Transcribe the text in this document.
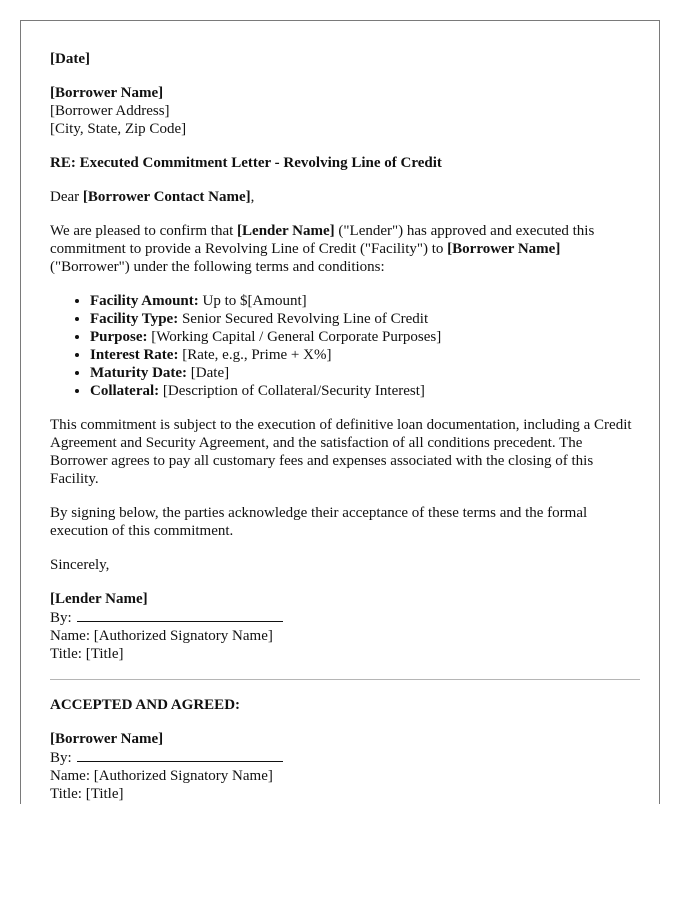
[Date]

[Borrower Name]

[Borrower Address]

[City, State, Zip Code]

RE: Executed Commitment Letter - Revolving Line of Credit

Dear [Borrower Contact Name],

We are pleased to confirm that [Lender Name] ("Lender") has approved and executed this commitment to provide a Revolving Line of Credit ("Facility") to [Borrower Name] ("Borrower") under the following terms and conditions:

• Facility Amount: Up to $[Amount]
• Facility Type: Senior Secured Revolving Line of Credit
• Purpose: [Working Capital / General Corporate Purposes]
• Interest Rate: [Rate, e.g., Prime + X%]
• Maturity Date: [Date]
• Collateral: [Description of Collateral/Security Interest]

This commitment is subject to the execution of definitive loan documentation, including a Credit Agreement and Security Agreement, and the satisfaction of all conditions precedent. The Borrower agrees to pay all customary fees and expenses associated with the closing of this Facility.

By signing below, the parties acknowledge their acceptance of these terms and the formal execution of this commitment.

Sincerely,

[Lender Name]

By:

Name: [Authorized Signatory Name]

Title: [Title]

ACCEPTED AND AGREED:

[Borrower Name]

By:

Name: [Authorized Signatory Name]

Title: [Title]
